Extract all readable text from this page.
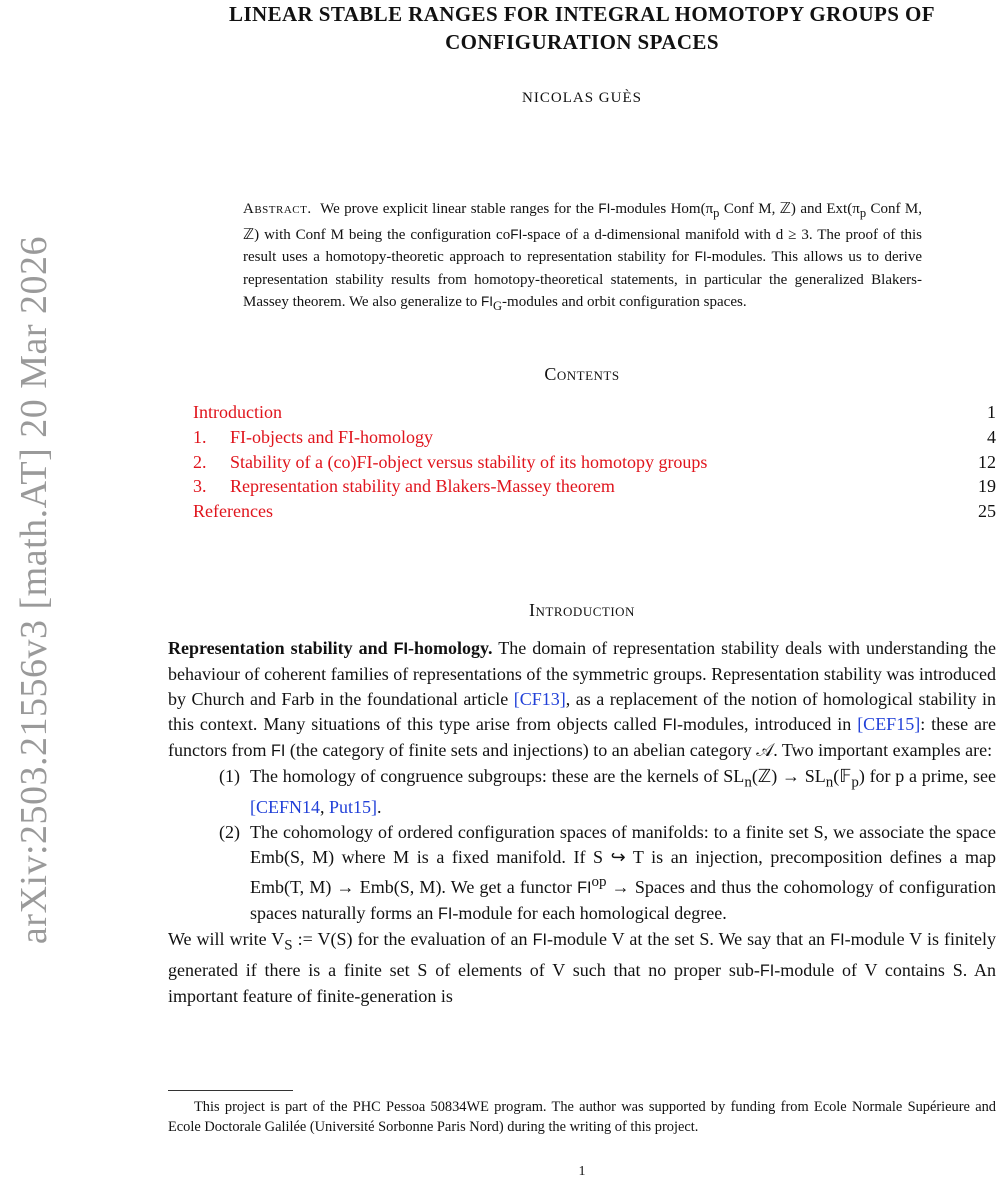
arXiv:2503.21556v3 [math.AT] 20 Mar 2026
LINEAR STABLE RANGES FOR INTEGRAL HOMOTOPY GROUPS OF
CONFIGURATION SPACES
NICOLAS GUÈS
Abstract. We prove explicit linear stable ranges for the FI-modules $Hom(\pi_p$ Conf M, ℤ) and $Ext(\pi_p$ Conf M, ℤ) with Conf M being the configuration coFI-space of a d-dimensional manifold with d ≥ 3. The proof of this result uses a homotopy-theoretic approach to representation stability for FI-modules. This allows us to derive representation stability results from homotopy-theoretical statements, in particular the generalized Blakers-Massey theorem. We also generalize to $FI_G$-modules and orbit configuration spaces.
Contents
Introduction	1
1. FI-objects and FI-homology	4
2. Stability of a (co)FI-object versus stability of its homotopy groups	12
3. Representation stability and Blakers-Massey theorem	19
References	25
Introduction

Representation stability and FI-homology. The domain of representation stability deals with understanding the behaviour of coherent families of representations of the symmetric groups. Representation stability was introduced by Church and Farb in the foundational article [CF13], as a replacement of the notion of homological stability in this context. Many situations of this type arise from objects called FI-modules, introduced in [CEF15]: these are functors from FI (the category of finite sets and injections) to an abelian category 𝒜. Two important examples are:

(1) The homology of congruence subgroups: these are the kernels of $SL_n(ℤ)$ → $SL_n(𝔽_p)$ for p a prime, see [CEFN14, Put15].
(2) The cohomology of ordered configuration spaces of manifolds: to a finite set S, we associate the space Emb(S, M) where M is a fixed manifold. If S ↪ T is an injection, precomposition defines a map Emb(T, M) → Emb(S, M). We get a functor $FI^{op}$ → Spaces and thus the cohomology of configuration spaces naturally forms an FI-module for each homological degree.

We will write $V_S$ := V(S) for the evaluation of an FI-module V at the set S. We say that an FI-module V is finitely generated if there is a finite set S of elements of V such that no proper sub-FI-module of V contains S. An important feature of finite-generation is

This project is part of the PHC Pessoa 50834WE program. The author was supported by funding from Ecole Normale Supérieure and Ecole Doctorale Galilée (Université Sorbonne Paris Nord) during the writing of this project.
1
